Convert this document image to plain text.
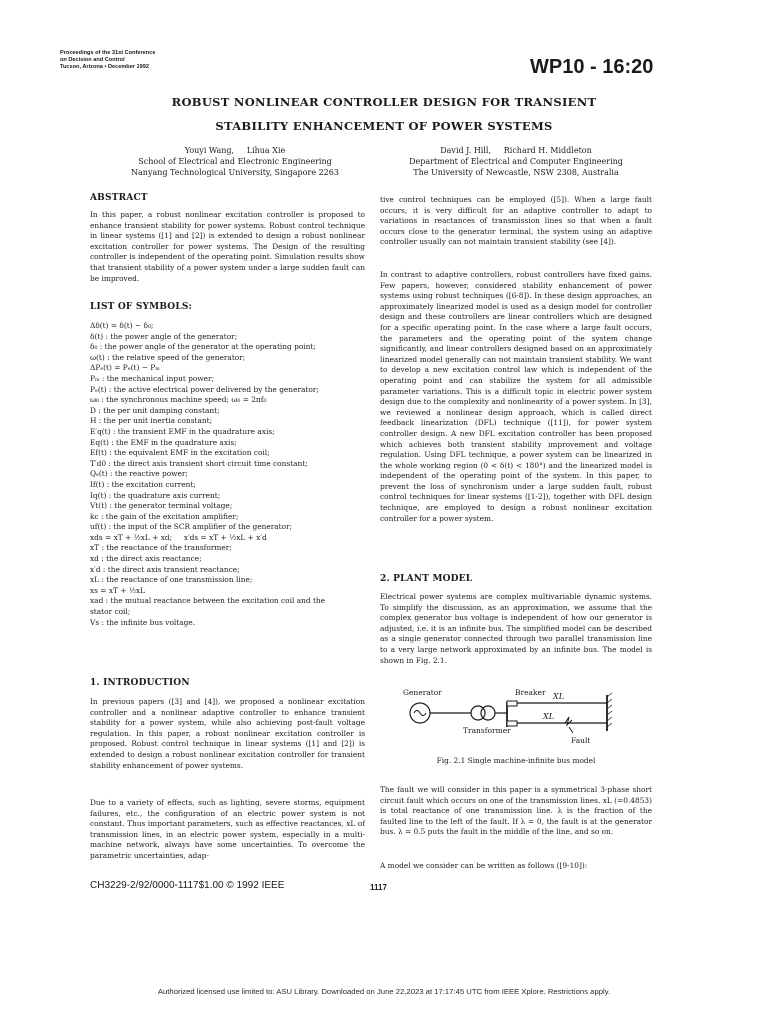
Proceedings of the 31st Conference
on Decision and Control
Tucson, Arizona • December 1992	WP10 - 16:20
ROBUST NONLINEAR CONTROLLER DESIGN FOR TRANSIENT
STABILITY ENHANCEMENT OF POWER SYSTEMS
Youyi Wang,     Lihua Xie
School of Electrical and Electronic Engineering
Nanyang Technological University, Singapore 2263
David J. Hill,     Richard H. Middleton
Department of Electrical and Computer Engineering
The University of Newcastle, NSW 2308, Australia
ABSTRACT
In this paper, a robust nonlinear excitation controller is proposed to enhance transient stability for power systems. Robust control technique in linear systems ([1] and [2]) is extended to design a robust nonlinear excitation controller for power systems. The Design of the resulting controller is independent of the operating point. Simulation results show that transient stability of a power system under a large sudden fault can be improved.
LIST OF SYMBOLS:
Δδ(t) = δ(t) − δ₀;
δ(t) : the power angle of the generator;
δ₀ : the power angle of the generator at the operating point;
ω(t) : the relative speed of the generator;
ΔPₑ(t) = Pₑ(t) − Pₘ
Pₘ : the mechanical input power;
Pₑ(t) : the active electrical power delivered by the generator;
ω₀ : the synchronous machine speed; ω₀ = 2πf₀
D : the per unit damping constant;
H : the per unit inertia constant;
E′q(t) : the transient EMF in the quadrature axis;
Eq(t) : the EMF in the quadrature axis;
Ef(t) : the equivalent EMF in the excitation coil;
T′d0 : the direct axis transient short circuit time constant;
Qₑ(t) : the reactive power;
If(t) : the excitation current;
Iq(t) : the quadrature axis current;
Vt(t) : the generator terminal voltage;
kc : the gain of the excitation amplifier;
uf(t) : the input of the SCR amplifier of the generator;
xds = xT + ½xL + xd;     x′ds = xT + ½xL + x′d
xT : the reactance of the transformer;
xd : the direct axis reactance;
x′d : the direct axis transient reactance;
xL : the reactance of one transmission line;
xs = xT + ½xL
xad : the mutual reactance between the excitation coil and the
stator coil;
Vs : the infinite bus voltage.
1. INTRODUCTION
In previous papers ([3] and [4]), we proposed a nonlinear excitation controller and a nonlinear adaptive controller to enhance transient stability for a power system, while also achieving post-fault voltage regulation. In this paper, a robust nonlinear excitation controller is proposed. Robust control technique in linear systems ([1] and [2]) is extended to design a robust nonlinear excitation controller for transient stability enhancement of power systems.
Due to a variety of effects, such as lighting, severe storms, equipment failures, etc., the configuration of an electric power system is not constant. Thus important parameters, such as effective reactances, xL of transmission lines, in an electric power system, especially in a multi-machine network, always have some uncertainties. To overcome the parametric uncertainties, adap-
tive control techniques can be employed ([5]). When a large fault occurs, it is very difficult for an adaptive controller to adapt to variations in reactances of transmission lines so that when a fault occurs close to the generator terminal, the system using an adaptive controller usually can not maintain transient stability (see [4]).
In contrast to adaptive controllers, robust controllers have fixed gains. Few papers, however, considered stability enhancement of power systems using robust techniques ([6-8]). In these design approaches, an approximately linearized model is used as a design model for controller design and these controllers are linear controllers which are designed for a specific operating point. In the case where a large fault occurs, the parameters and the operating point of the system change significantly, and linear controllers designed based on an approximately linearized model generally can not maintain transient stability. We want to develop a new excitation control law which is independent of the operating point and can stabilize the system for all admissible parameter variations. This is a difficult topic in electric power system design due to the complexity and nonlinearity of a power system. In [3], we reviewed a nonlinear design approach, which is called direct feedback linearization (DFL) technique ([11]), for power system controller design. A new DFL excitation controller has been proposed which achieves both transient stability improvement and voltage regulation. Using DFL technique, a power system can be linearized in the whole working region (0 < δ(t) < 180°) and the linearized model is independent of the operating point of the system. In this paper, to prevent the loss of synchronism under a large sudden fault, robust control techniques for linear systems ([1-2]), together with DFL design technique, are employed to design a robust nonlinear excitation controller for a power system.
2. PLANT MODEL
Electrical power systems are complex multivariable dynamic systems. To simplify the discussion, as an approximation, we assume that the complex generator bus voltage is independent of how our generator is adjusted, i.e. it is an infinite bus. The simplified model can be described as a single generator connected through two parallel transmission line to a very large network approximated by an infinite bus. The model is shown in Fig. 2.1.
Generator
Transformer
Breaker XL
XL
Fault
Fig. 2.1 Single machine-infinite bus model
The fault we will consider in this paper is a symmetrical 3-phase short circuit fault which occurs on one of the transmission lines. xL (=0.4853) is total reactance of one transmission line. λ is the fraction of the faulted line to the left of the fault. If λ = 0, the fault is at the generator bus. λ = 0.5 puts the fault in the middle of the line, and so on.
A model we consider can be written as follows ([9-10]):
CH3229-2/92/0000-1117$1.00 © 1992 IEEE	1117
Authorized licensed use limited to: ASU Library. Downloaded on June 22,2023 at 17:17:45 UTC from IEEE Xplore. Restrictions apply.
